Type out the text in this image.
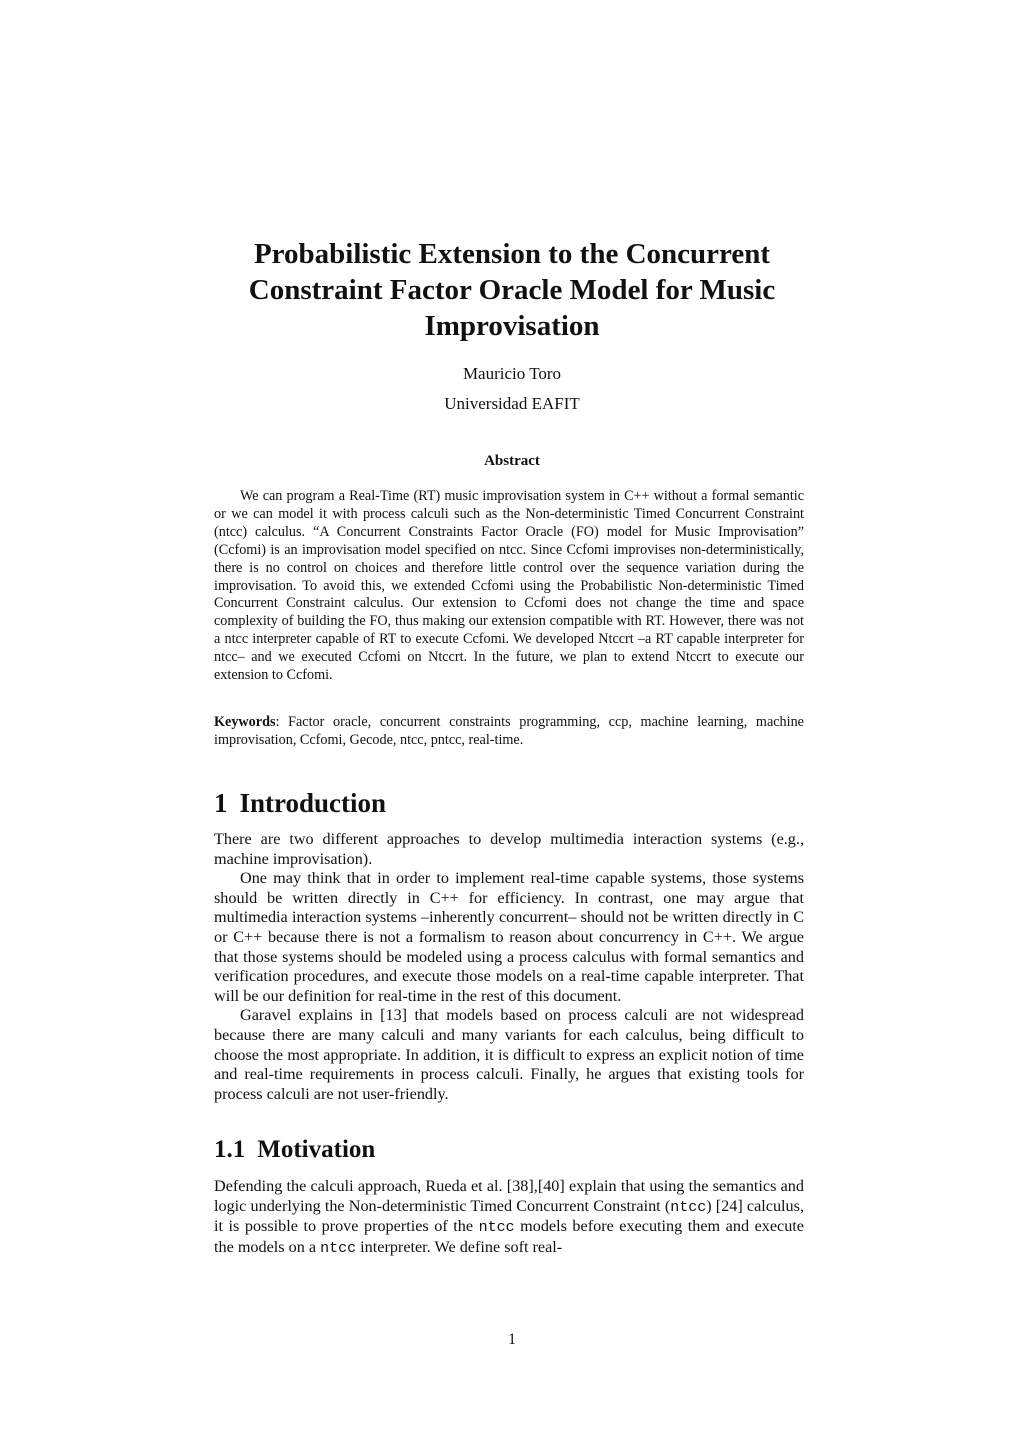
Probabilistic Extension to the Concurrent
Constraint Factor Oracle Model for Music
Improvisation
Mauricio Toro
Universidad EAFIT
Abstract

We can program a Real-Time (RT) music improvisation system in C++ without a formal semantic or we can model it with process calculi such as the Non-deterministic Timed Concurrent Constraint (ntcc) calculus. “A Concurrent Constraints Factor Oracle (FO) model for Music Improvisation” (Ccfomi) is an improvisation model specified on ntcc. Since Ccfomi improvises non-deterministically, there is no control on choices and therefore little control over the sequence variation during the improvisation. To avoid this, we extended Ccfomi using the Probabilistic Non-deterministic Timed Concurrent Constraint calculus. Our extension to Ccfomi does not change the time and space complexity of building the FO, thus making our extension compatible with RT. However, there was not a ntcc interpreter capable of RT to execute Ccfomi. We developed Ntccrt –a RT capable interpreter for ntcc– and we executed Ccfomi on Ntccrt. In the future, we plan to extend Ntccrt to execute our extension to Ccfomi.

Keywords: Factor oracle, concurrent constraints programming, ccp, machine learning, machine improvisation, Ccfomi, Gecode, ntcc, pntcc, real-time.

1 Introduction

There are two different approaches to develop multimedia interaction systems (e.g., machine improvisation).

One may think that in order to implement real-time capable systems, those systems should be written directly in C++ for efficiency. In contrast, one may argue that multimedia interaction systems –inherently concurrent– should not be written directly in C or C++ because there is not a formalism to reason about concurrency in C++. We argue that those systems should be modeled using a process calculus with formal semantics and verification procedures, and execute those models on a real-time capable interpreter. That will be our definition for real-time in the rest of this document.

Garavel explains in [13] that models based on process calculi are not widespread because there are many calculi and many variants for each calculus, being difficult to choose the most appropriate. In addition, it is difficult to express an explicit notion of time and real-time requirements in process calculi. Finally, he argues that existing tools for process calculi are not user-friendly.

1.1 Motivation

Defending the calculi approach, Rueda et al. [38],[40] explain that using the semantics and logic underlying the Non-deterministic Timed Concurrent Constraint (ntcc) [24] calculus, it is possible to prove properties of the ntcc models before executing them and execute the models on a ntcc interpreter. We define soft real-

1
